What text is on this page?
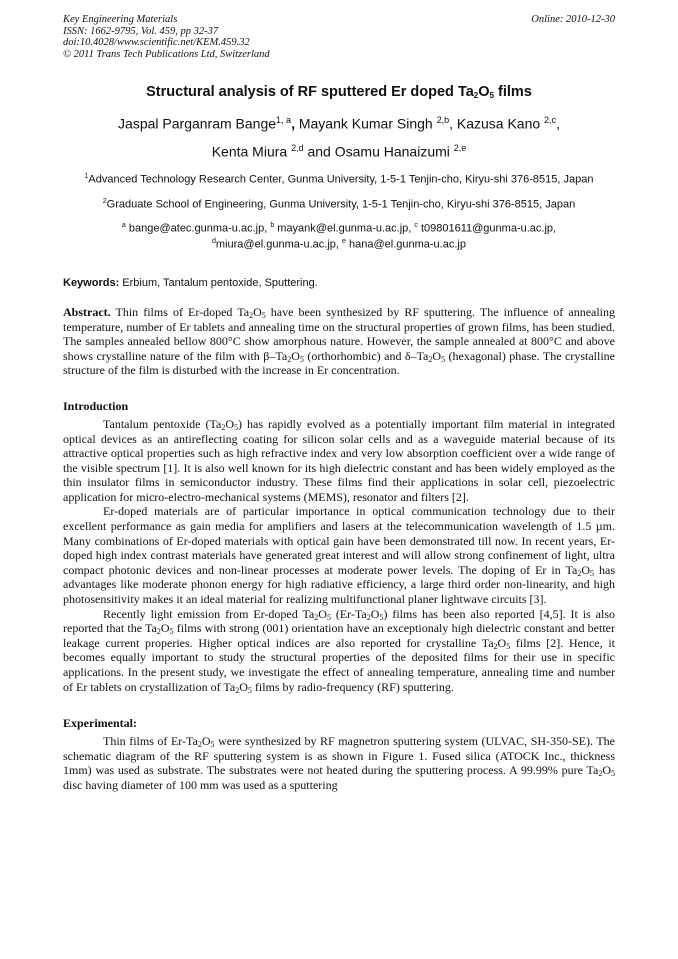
Key Engineering Materials	Online: 2010-12-30
ISSN: 1662-9795, Vol. 459, pp 32-37
doi:10.4028/www.scientific.net/KEM.459.32
© 2011 Trans Tech Publications Ltd, Switzerland
Structural analysis of RF sputtered Er doped $Ta_2O_5$ films
Jaspal Parganram Bange$^{1, a}$, Mayank Kumar Singh $^{2,b}$, Kazusa Kano $^{2,c}$,
Kenta Miura $^{2,d}$ and Osamu Hanaizumi $^{2,e}$
$^1$Advanced Technology Research Center, Gunma University, 1-5-1 Tenjin-cho, Kiryu-shi 376-8515, Japan
$^2$Graduate School of Engineering, Gunma University, 1-5-1 Tenjin-cho, Kiryu-shi 376-8515, Japan
$^a$ bange@atec.gunma-u.ac.jp, $^b$ mayank@el.gunma-u.ac.jp, $^c$ t09801611@gunma-u.ac.jp,
$^d$miura@el.gunma-u.ac.jp, $^e$ hana@el.gunma-u.ac.jp
Keywords: Erbium, Tantalum pentoxide, Sputtering.

Abstract. Thin films of Er-doped $Ta_2O_5$ have been synthesized by RF sputtering. The influence of annealing temperature, number of Er tablets and annealing time on the structural properties of grown films, has been studied. The samples annealed bellow 800°C show amorphous nature. However, the sample annealed at 800°C and above shows crystalline nature of the film with $\beta-Ta_2O_5$ (orthorhombic) and $\delta-Ta_2O_5$ (hexagonal) phase. The crystalline structure of the film is disturbed with the increase in Er concentration.

Introduction

Tantalum pentoxide $(Ta_2O_5)$ has rapidly evolved as a potentially important film material in integrated optical devices as an antireflecting coating for silicon solar cells and as a waveguide material because of its attractive optical properties such as high refractive index and very low absorption coefficient over a wide range of the visible spectrum [1]. It is also well known for its high dielectric constant and has been widely employed as the thin insulator films in semiconductor industry. These films find their applications in solar cell, piezoelectric application for micro-electro-mechanical systems (MEMS), resonator and filters [2].

Er-doped materials are of particular importance in optical communication technology due to their excellent performance as gain media for amplifiers and lasers at the telecommunication wavelength of 1.5 µm. Many combinations of Er-doped materials with optical gain have been demonstrated till now. In recent years, Er-doped high index contrast materials have generated great interest and will allow strong confinement of light, ultra compact photonic devices and non-linear processes at moderate power levels. The doping of Er in $Ta_2O_5$ has advantages like moderate phonon energy for high radiative efficiency, a large third order non-linearity, and high photosensitivity makes it an ideal material for realizing multifunctional planer lightwave circuits [3].

Recently light emission from Er-doped $Ta_2O_5$ $(Er-Ta_2O_5)$ films has been also reported [4,5]. It is also reported that the $Ta_2O_5$ films with strong (001) orientation have an exceptionaly high dielectric constant and better leakage current properies. Higher optical indices are also reported for crystalline $Ta_2O_5$ films [2]. Hence, it becomes equally important to study the structural properties of the deposited films for their use in specific applications. In the present study, we investigate the effect of annealing temperature, annealing time and number of Er tablets on crystallization of $Ta_2O_5$ films by radio-frequency (RF) sputtering.

Experimental:

Thin films of $Er-Ta_2O_5$ were synthesized by RF magnetron sputtering system (ULVAC, SH-350-SE). The schematic diagram of the RF sputtering system is as shown in Figure 1. Fused silica (ATOCK Inc., thickness 1mm) was used as substrate. The substrates were not heated during the sputtering process. A 99.99% pure $Ta_2O_5$ disc having diameter of 100 mm was used as a sputtering
